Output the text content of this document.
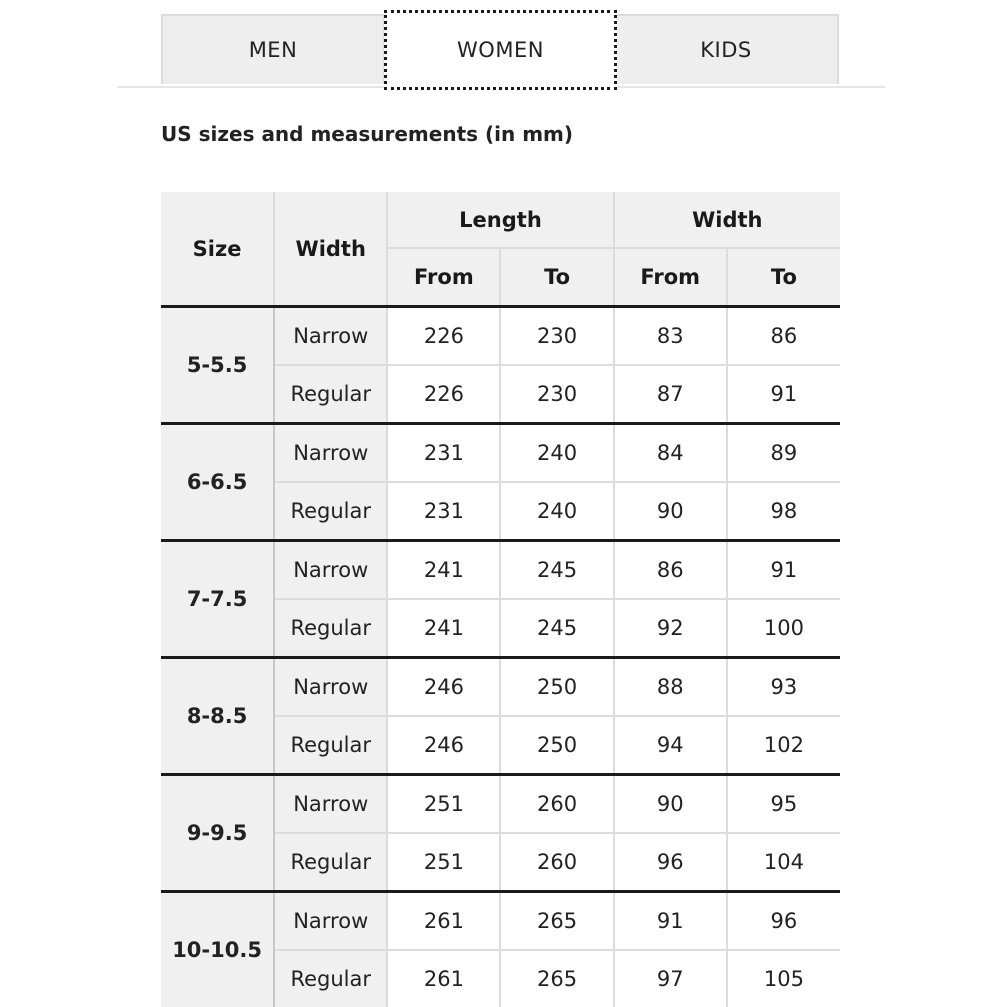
MEN	WOMEN	KIDS
US sizes and measurements (in mm)
Size	Width	Length		Width	
		From	To	From	To
5-5.5	Narrow	226	230	83	86
	Regular	226	230	87	91
6-6.5	Narrow	231	240	84	89
	Regular	231	240	90	98
7-7.5	Narrow	241	245	86	91
	Regular	241	245	92	100
8-8.5	Narrow	246	250	88	93
	Regular	246	250	94	102
9-9.5	Narrow	251	260	90	95
	Regular	251	260	96	104
10-10.5	Narrow	261	265	91	96
	Regular	261	265	97	105
